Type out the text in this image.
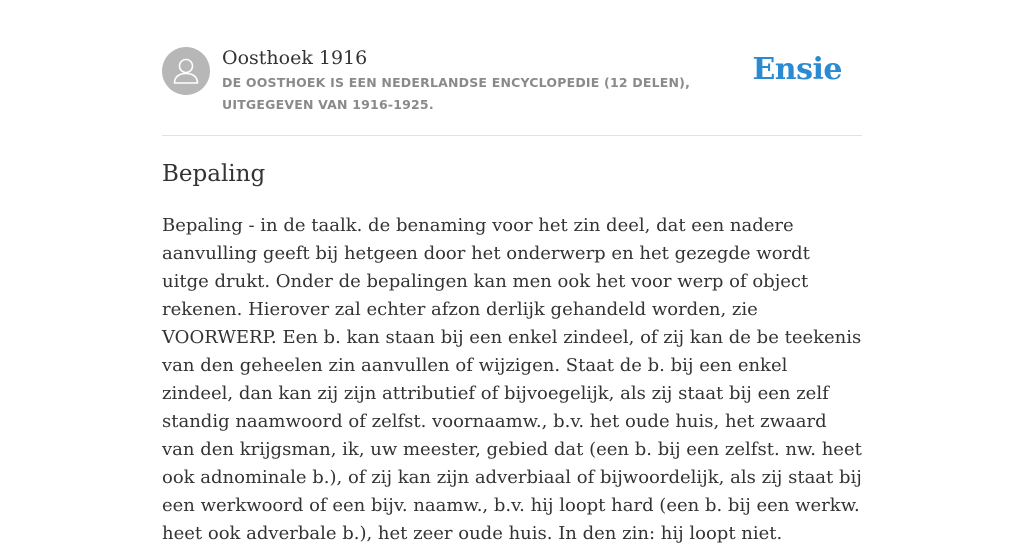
Oosthoek 1916
DE OOSTHOEK IS EEN NEDERLANDSE ENCYCLOPEDIE (12 DELEN), UITGEGEVEN VAN 1916-1925.
Ensie
Bepaling

Bepaling - in de taalk. de benaming voor het zin deel, dat een nadere aanvulling geeft bij hetgeen door het onderwerp en het gezegde wordt uitge drukt. Onder de bepalingen kan men ook het voor werp of object rekenen. Hierover zal echter afzon derlijk gehandeld worden, zie VOORWERP. Een b. kan staan bij een enkel zindeel, of zij kan de be teekenis van den geheelen zin aanvullen of wijzigen. Staat de b. bij een enkel zindeel, dan kan zij zijn attributief of bijvoegelijk, als zij staat bij een zelf standig naamwoord of zelfst. voornaamw., b.v. het oude huis, het zwaard van den krijgsman, ik, uw meester, gebied dat (een b. bij een zelfst. nw. heet ook adnominale b.), of zij kan zijn adverbiaal of bijwoordelijk, als zij staat bij een werkwoord of een bijv. naamw., b.v. hij loopt hard (een b. bij een werkw. heet ook adverbale b.), het zeer oude huis. In den zin: hij loopt niet.
